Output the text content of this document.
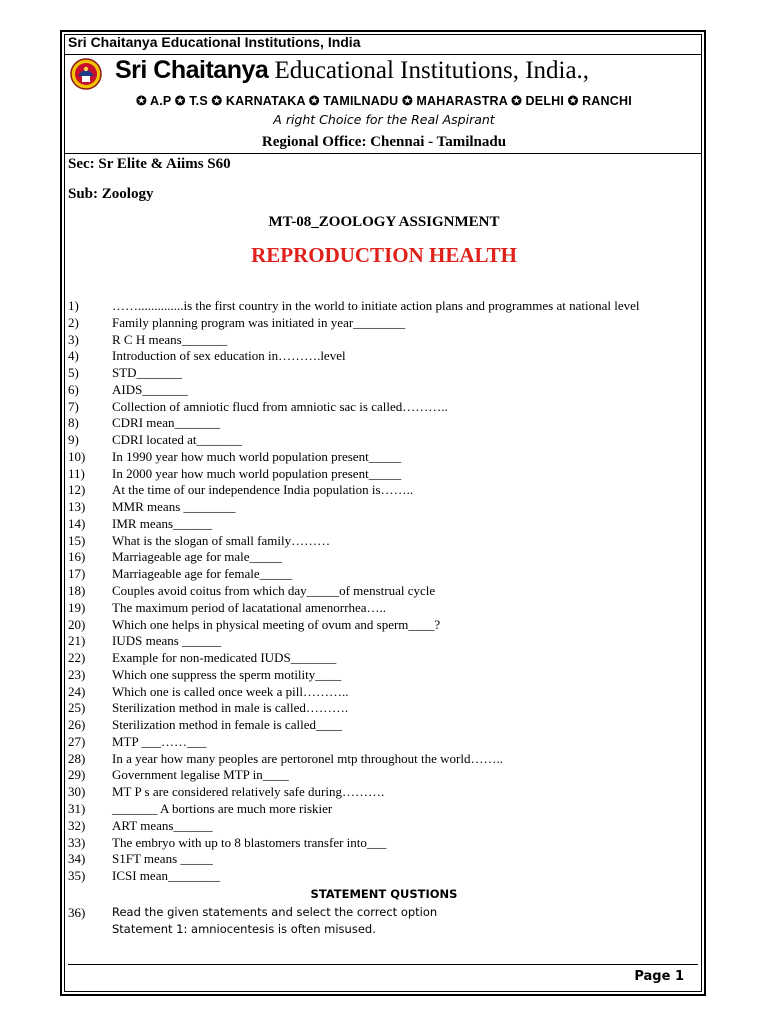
Sri Chaitanya Educational Institutions, India
Sri Chaitanya Educational Institutions, India.,
✪ A.P ✪ T.S ✪ KARNATAKA ✪ TAMILNADU ✪ MAHARASTRA ✪ DELHI ✪ RANCHI
A right Choice for the Real Aspirant
Regional Office: Chennai - Tamilnadu
Sec: Sr Elite & Aiims S60
Sub: Zoology
MT-08_ZOOLOGY ASSIGNMENT
REPRODUCTION HEALTH
1)	……..............is the first country in the world to initiate action plans and programmes at national level
2)	Family planning program was initiated in year________
3)	R C H means_______
4)	Introduction of sex education in……….level
5)	STD_______
6)	AIDS_______
7)	Collection of amniotic flucd from amniotic sac is called………..
8)	CDRI mean_______
9)	CDRI located at_______
10) In 1990 year how much world population present_____
11) In 2000 year how much world population present_____
12) At the time of our independence India population is……..
13) MMR means ________
14) IMR means______
15) What is the slogan of small family………
16) Marriageable age for male_____
17) Marriageable age for female_____
18) Couples avoid coitus from which day_____of menstrual cycle
19) The maximum period of lacatational amenorrhea…..
20) Which one helps in physical meeting of ovum and sperm____?
21) IUDS means ______
22) Example for non-medicated IUDS_______
23) Which one suppress the sperm motility____
24) Which one is called once week a pill………..
25) Sterilization method in male is called……….
26) Sterilization method in female is called____
27) MTP ___……___
28) In a year how many peoples are pertoronel mtp throughout the world……..
29) Government legalise MTP in____
30) MT P s are considered relatively safe during……….
31) _______ A bortions are much more riskier
32) ART means______
33) The embryo with up to 8 blastomers transfer into___
34) S1FT means _____
35) ICSI mean________
STATEMENT QUSTIONS
36) Read the given statements and select the correct option
Statement 1: amniocentesis is often misused.
Page 1
